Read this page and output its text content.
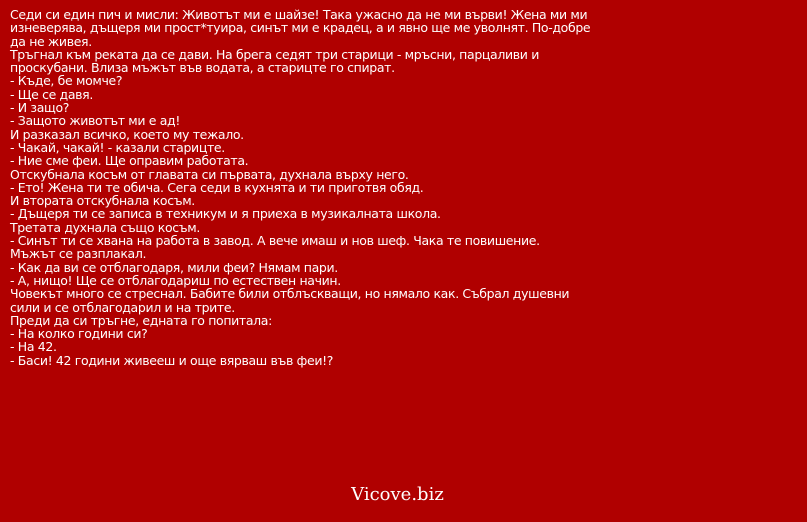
Седи си един пич и мисли: Животът ми е шайзе! Така ужасно да не ми върви! Жена ми ми изневерява, дъщеря ми прост*туира, синът ми е крадец, а и явно ще ме уволнят. По-добре да не живея.

Тръгнал към реката да се дави. На брега седят три старици - мръсни, парцаливи и проскубани. Влиза мъжът във водата, а старицте го спират.

- Къде, бе момче?

- Ще се давя.

- И защо?

- Защото животът ми е ад!

И разказал всичко, което му тежало.

- Чакай, чакай! - казали старицте.

- Ние сме феи. Ще оправим работата.

Отскубнала косъм от главата си първата, духнала върху него.

- Ето! Жена ти те обича. Сега седи в кухнята и ти приготвя обяд.

И втората отскубнала косъм.

- Дъщеря ти се записа в техникум и я приеха в музикалната школа.

Третата духнала също косъм.

- Синът ти се хвана на работа в завод. А вече имаш и нов шеф. Чака те повишение.

Мъжът се разплакал.

- Как да ви се отблагодаря, мили феи? Нямам пари.

- А, нищо! Ще се отблагодариш по естествен начин.

Човекът много се стреснал. Бабите били отблъскващи, но нямало как. Събрал душевни сили и се отблагодарил и на трите.

Преди да си тръгне, едната го попитала:

- На колко години си?

- На 42.

- Баси! 42 години живееш и още вярваш във феи!?

Vicove.biz
